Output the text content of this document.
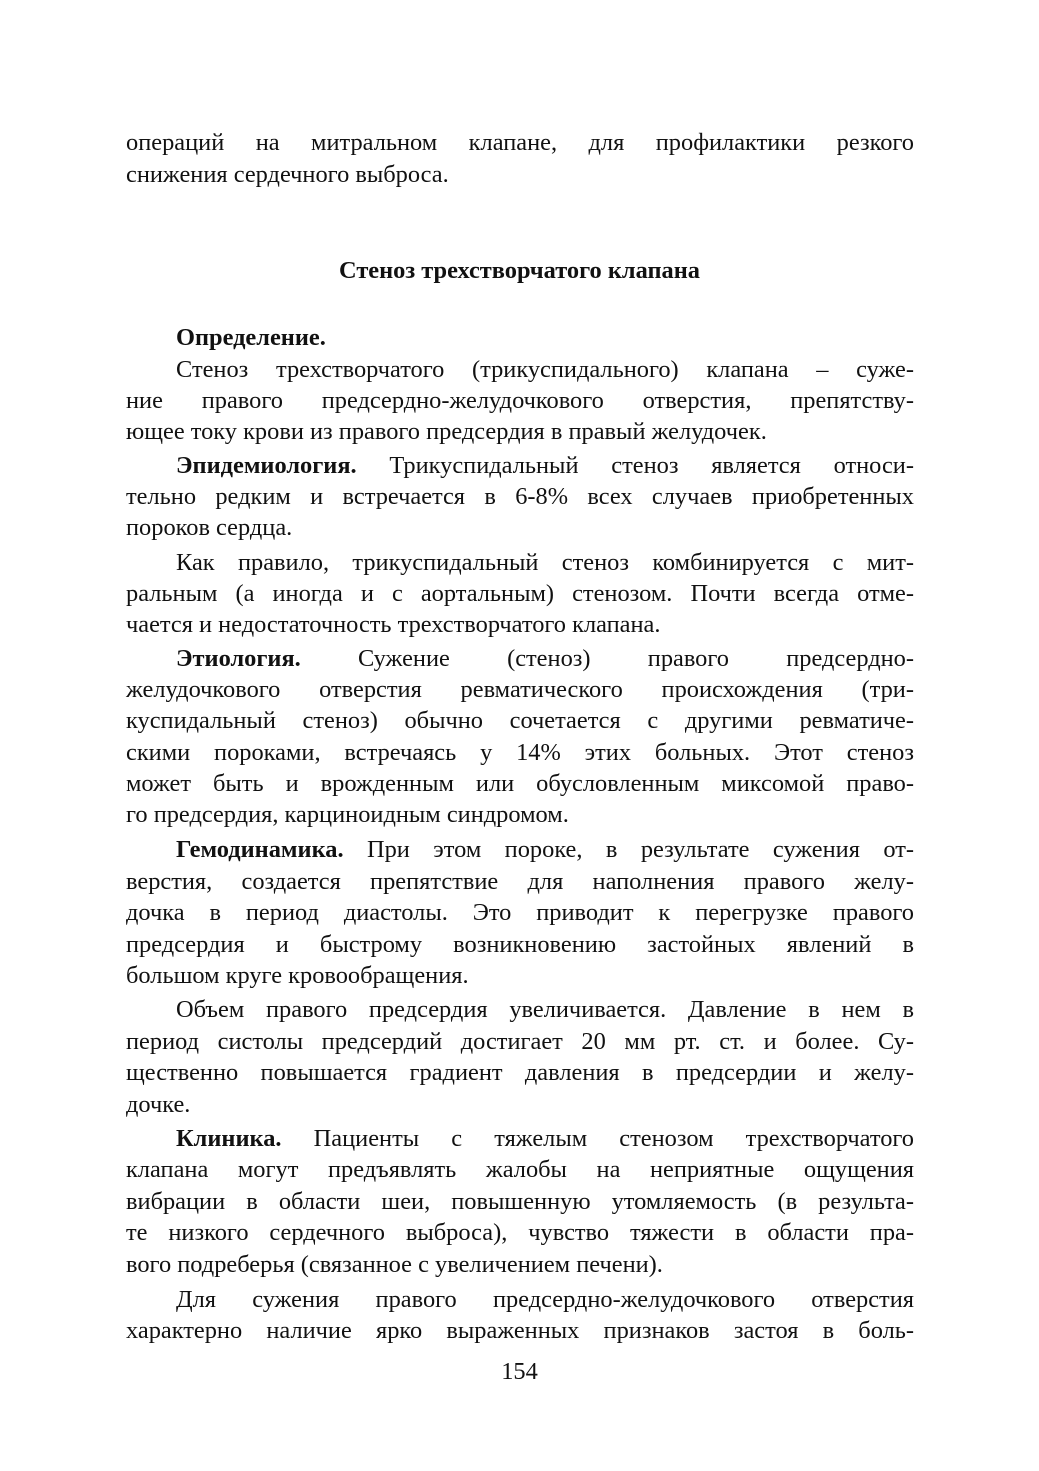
операций на митральном клапане, для профилактики резкого
снижения сердечного выброса.
Стеноз трехстворчатого клапана
Определение.
Стеноз трехстворчатого (трикуспидального) клапана – суже-
ние правого предсердно-желудочкового отверстия, препятству-
ющее току крови из правого предсердия в правый желудочек.
Эпидемиология. Трикуспидальный стеноз является относи-
тельно редким и встречается в 6-8% всех случаев приобретенных
пороков сердца.
Как правило, трикуспидальный стеноз комбинируется с мит-
ральным (а иногда и с аортальным) стенозом. Почти всегда отме-
чается и недостаточность трехстворчатого клапана.
Этиология. Сужение (стеноз) правого предсердно-
желудочкового отверстия ревматического происхождения (три-
куспидальный стеноз) обычно сочетается с другими ревматиче-
скими пороками, встречаясь у 14% этих больных. Этот стеноз
может быть и врожденным или обусловленным миксомой право-
го предсердия, карциноидным синдромом.
Гемодинамика. При этом пороке, в результате сужения от-
верстия, создается препятствие для наполнения правого желу-
дочка в период диастолы. Это приводит к перегрузке правого
предсердия и быстрому возникновению застойных явлений в
большом круге кровообращения.
Объем правого предсердия увеличивается. Давление в нем в
период систолы предсердий достигает 20 мм рт. ст. и более. Су-
щественно повышается градиент давления в предсердии и желу-
дочке.
Клиника. Пациенты с тяжелым стенозом трехстворчатого
клапана могут предъявлять жалобы на неприятные ощущения
вибрации в области шеи, повышенную утомляемость (в результа-
те низкого сердечного выброса), чувство тяжести в области пра-
вого подреберья (связанное с увеличением печени).
Для сужения правого предсердно-желудочкового отверстия
характерно наличие ярко выраженных признаков застоя в боль-
154
